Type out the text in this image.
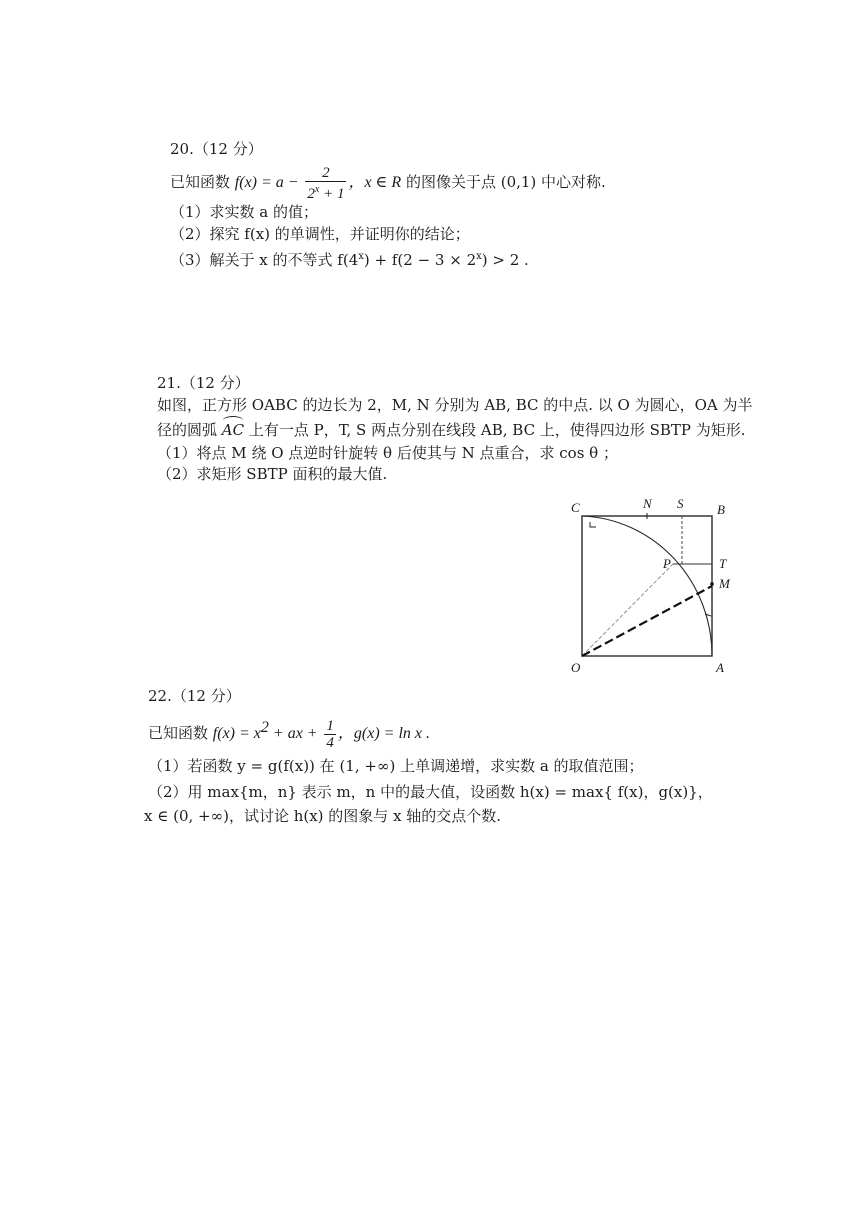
20.（12 分）
已知函数 $f(x) = a - \frac{2}{2^x + 1}$ ，x ∈ R 的图像关于点 (0,1) 中心对称.
（1）求实数 a 的值；
（2）探究 f(x) 的单调性，并证明你的结论；
（3）解关于 x 的不等式 $f(4^x) + f(2 - 3 \times 2^x) > 2$ .
21.（12 分）
如图，正方形 OABC 的边长为 2，M, N 分别为 AB, BC 的中点. 以 O 为圆心，OA 为半
径的圆弧 AC 上有一点 P，T, S 两点分别在线段 AB, BC 上，使得四边形 SBTP 为矩形.
（1）将点 M 绕 O 点逆时针旋转 θ 后使其与 N 点重合，求 cos θ ；
（2）求矩形 SBTP 面积的最大值.
C	N S	B
T
P
M
O	A
22.（12 分）
已知函数 $f(x) = x^2$ + ax + $\frac{1}{4}$ ，g(x) = ln x .
（1）若函数 y = g(f(x)) 在 (1, +∞) 上单调递增，求实数 a 的取值范围；
（2）用 max{m，n} 表示 m，n 中的最大值，设函数 h(x) = max{ f(x)，g(x)}，
x ∈ (0, +∞)，试讨论 h(x) 的图象与 x 轴的交点个数.
